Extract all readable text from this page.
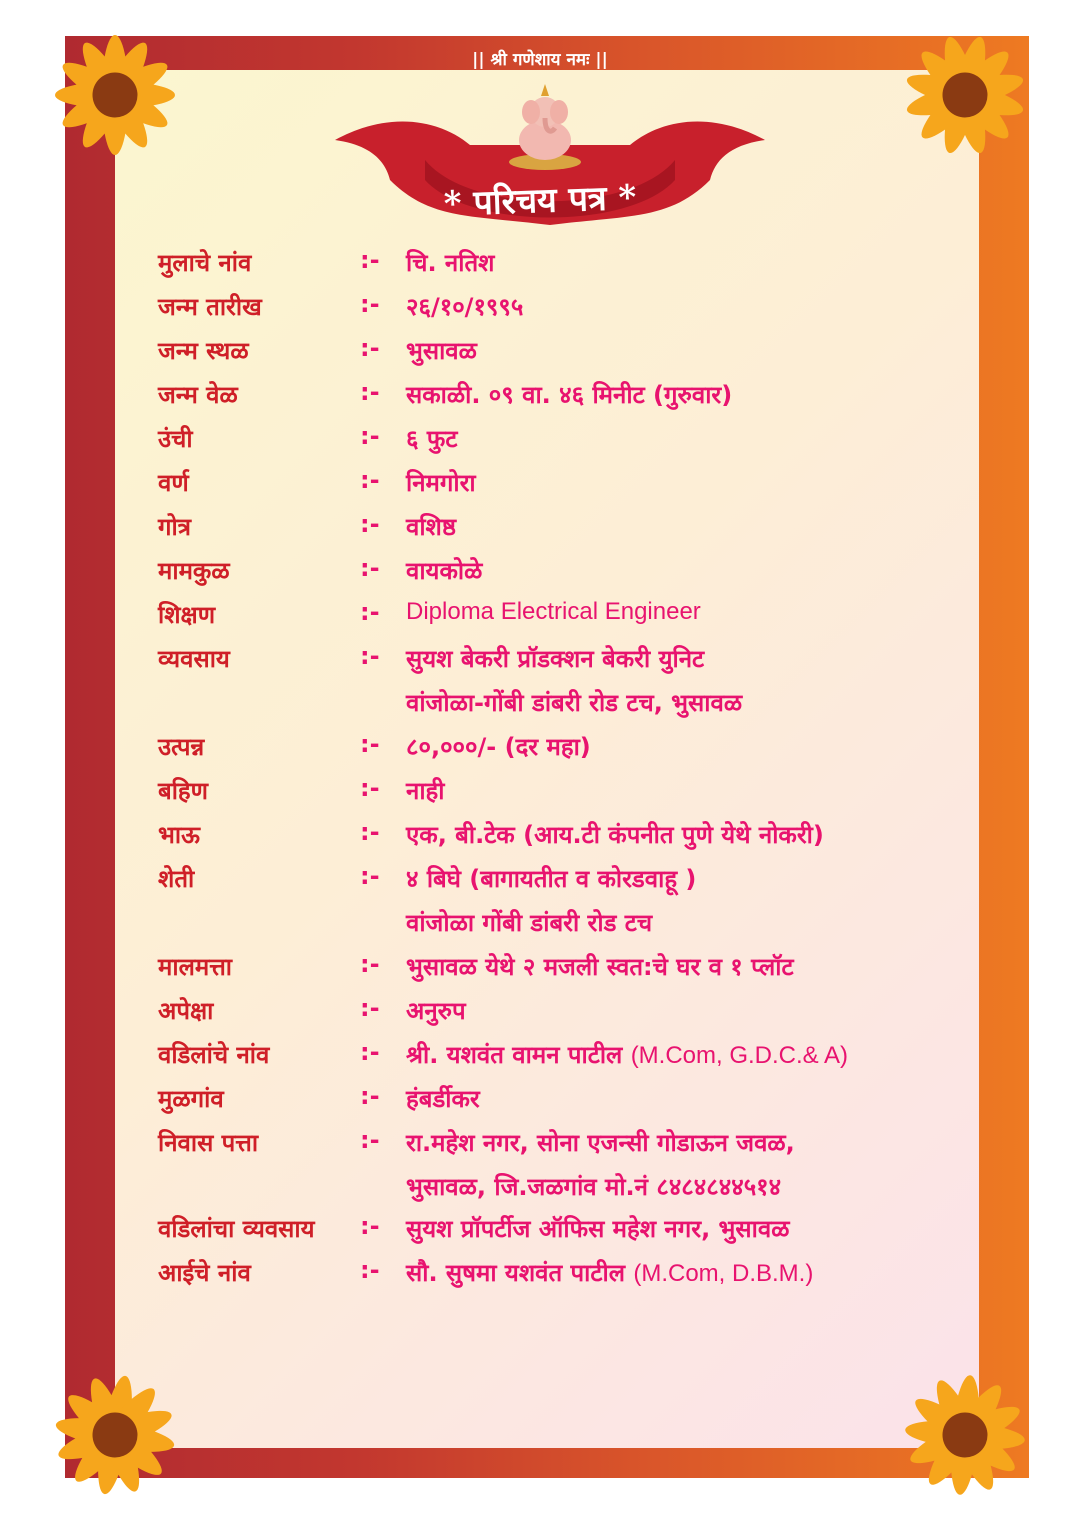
|| श्री गणेशाय नमः ||
* परिचय पत्र *
मुलाचे नांव	:- चि. नतिश
जन्म तारीख	:- २६/१०/१९९५
जन्म स्थळ	:- भुसावळ
जन्म वेळ	:- सकाळी. ०९ वा. ४६ मिनीट (गुरुवार)
उंची	:- ६ फुट
वर्ण	:- निमगोरा
गोत्र	:- वशिष्ठ
मामकुळ	:- वायकोळे
शिक्षण	:- Diploma Electrical Engineer
व्यवसाय	:- सुयश बेकरी प्रॉडक्शन बेकरी युनिट
वांजोळा-गोंबी डांबरी रोड टच, भुसावळ
उत्पन्न	:- ८०,०००/- (दर महा)
बहिण	:- नाही
भाऊ	:- एक, बी.टेक (आय.टी कंपनीत पुणे येथे नोकरी)
शेती	:- ४ बिघे (बागायतीत व कोरडवाहू )
वांजोळा गोंबी डांबरी रोड टच
मालमत्ता	:- भुसावळ येथे २ मजली स्वत:चे घर व १ प्लॉट
अपेक्षा	:- अनुरुप
वडिलांचे नांव	:- श्री. यशवंत वामन पाटील (M.Com, G.D.C.& A)
मुळगांव	:- हंबर्डीकर
निवास पत्ता	:- रा.महेश नगर, सोना एजन्सी गोडाऊन जवळ,
भुसावळ, जि.जळगांव मो.नं ८४८४८४४५१४
वडिलांचा व्यवसाय :- सुयश प्रॉपर्टीज ऑफिस महेश नगर, भुसावळ
आईचे नांव	:- सौ. सुषमा यशवंत पाटील (M.Com, D.B.M.)
